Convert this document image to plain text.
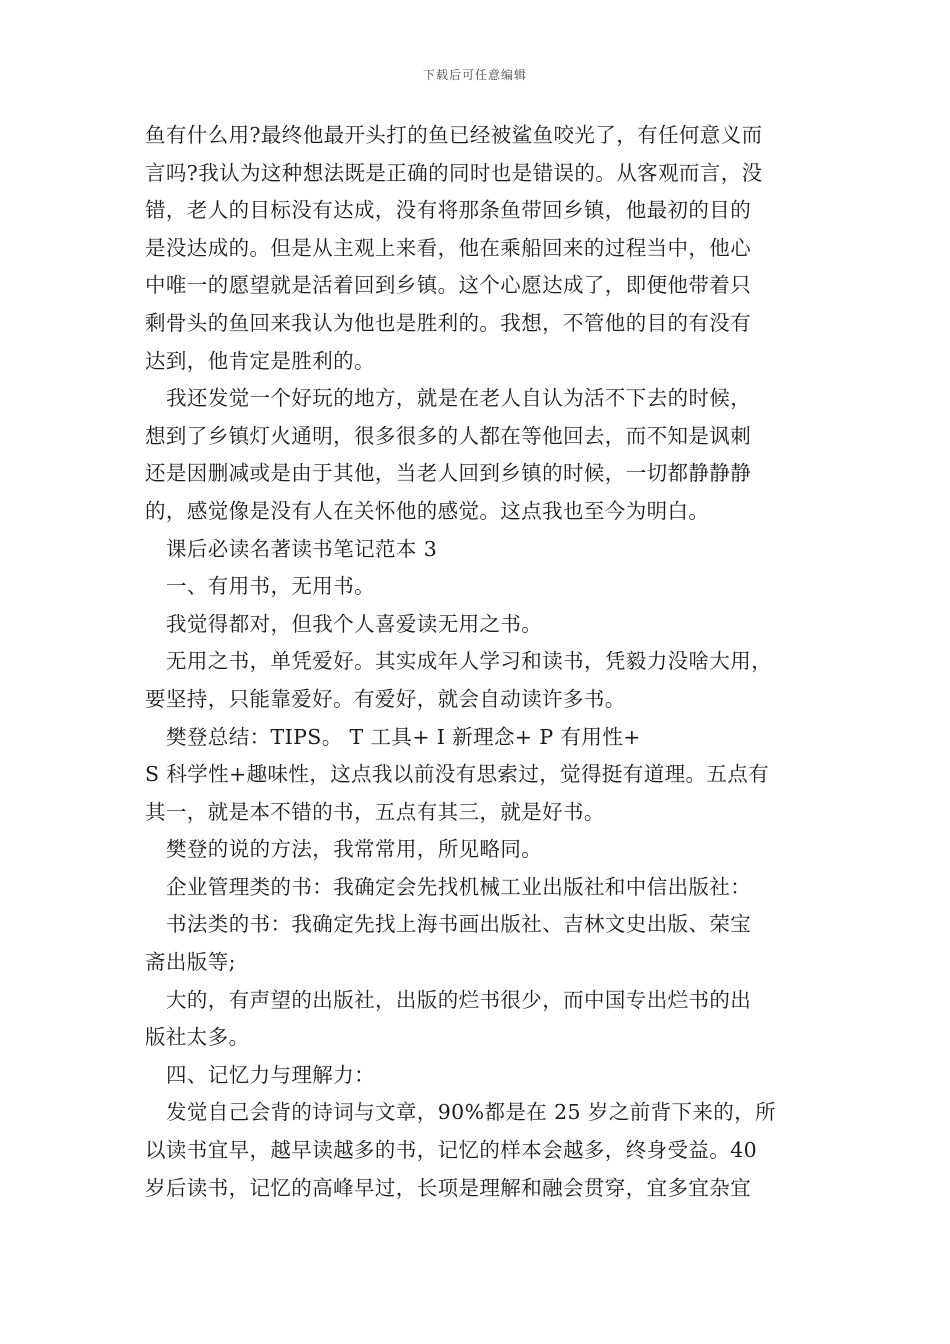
下载后可任意编辑
鱼有什么用?最终他最开头打的鱼已经被鲨鱼咬光了，有任何意义而
言吗?我认为这种想法既是正确的同时也是错误的。从客观而言，没
错，老人的目标没有达成，没有将那条鱼带回乡镇，他最初的目的
是没达成的。但是从主观上来看，他在乘船回来的过程当中，他心
中唯一的愿望就是活着回到乡镇。这个心愿达成了，即便他带着只
剩骨头的鱼回来我认为他也是胜利的。我想，不管他的目的有没有
达到，他肯定是胜利的。
我还发觉一个好玩的地方，就是在老人自认为活不下去的时候，
想到了乡镇灯火通明，很多很多的人都在等他回去，而不知是讽刺
还是因删减或是由于其他，当老人回到乡镇的时候，一切都静静静
的，感觉像是没有人在关怀他的感觉。这点我也至今为明白。
课后必读名著读书笔记范本 3
一、有用书，无用书。
我觉得都对，但我个人喜爱读无用之书。
无用之书，单凭爱好。其实成年人学习和读书，凭毅力没啥大用，
要坚持，只能靠爱好。有爱好，就会自动读许多书。
樊登总结：TIPS。 T 工具+ I 新理念+ P 有用性+
S 科学性+趣味性，这点我以前没有思索过，觉得挺有道理。五点有
其一，就是本不错的书，五点有其三，就是好书。
樊登的说的方法，我常常用，所见略同。
企业管理类的书：我确定会先找机械工业出版社和中信出版社：
书法类的书：我确定先找上海书画出版社、吉林文史出版、荣宝
斋出版等;
大的，有声望的出版社，出版的烂书很少，而中国专出烂书的出
版社太多。
四、记忆力与理解力：
发觉自己会背的诗词与文章，90%都是在 25 岁之前背下来的，所
以读书宜早，越早读越多的书，记忆的样本会越多，终身受益。40
岁后读书，记忆的高峰早过，长项是理解和融会贯穿，宜多宜杂宜
